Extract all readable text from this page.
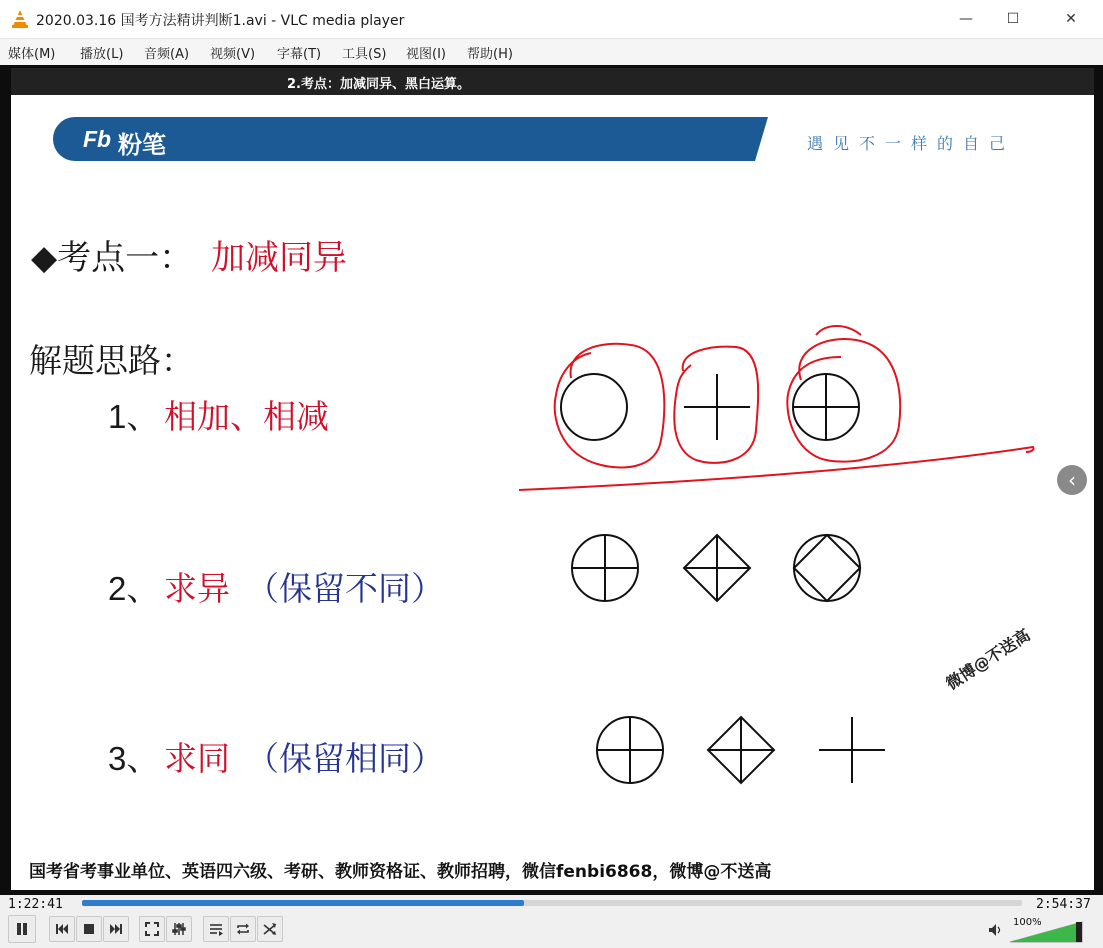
2020.03.16 国考方法精讲判断1.avi - VLC media player	—	☐	✕
媒体(M) 播放(L) 音频(A) 视频(V) 字幕(T) 工具(S) 视图(I) 帮助(H)
2.考点：加减同异、黑白运算。
Fb 粉笔	遇见不一样的自己
◆考点一： 加减同异
解题思路：
1、 相加、相减
2、 求异 （保留不同）
3、 求同 （保留相同）
微博@不送高
‹
国考省考事业单位、英语四六级、考研、教师资格证、教师招聘，微信fenbi6868，微博@不送高
1:22:41	2:54:37
100%
